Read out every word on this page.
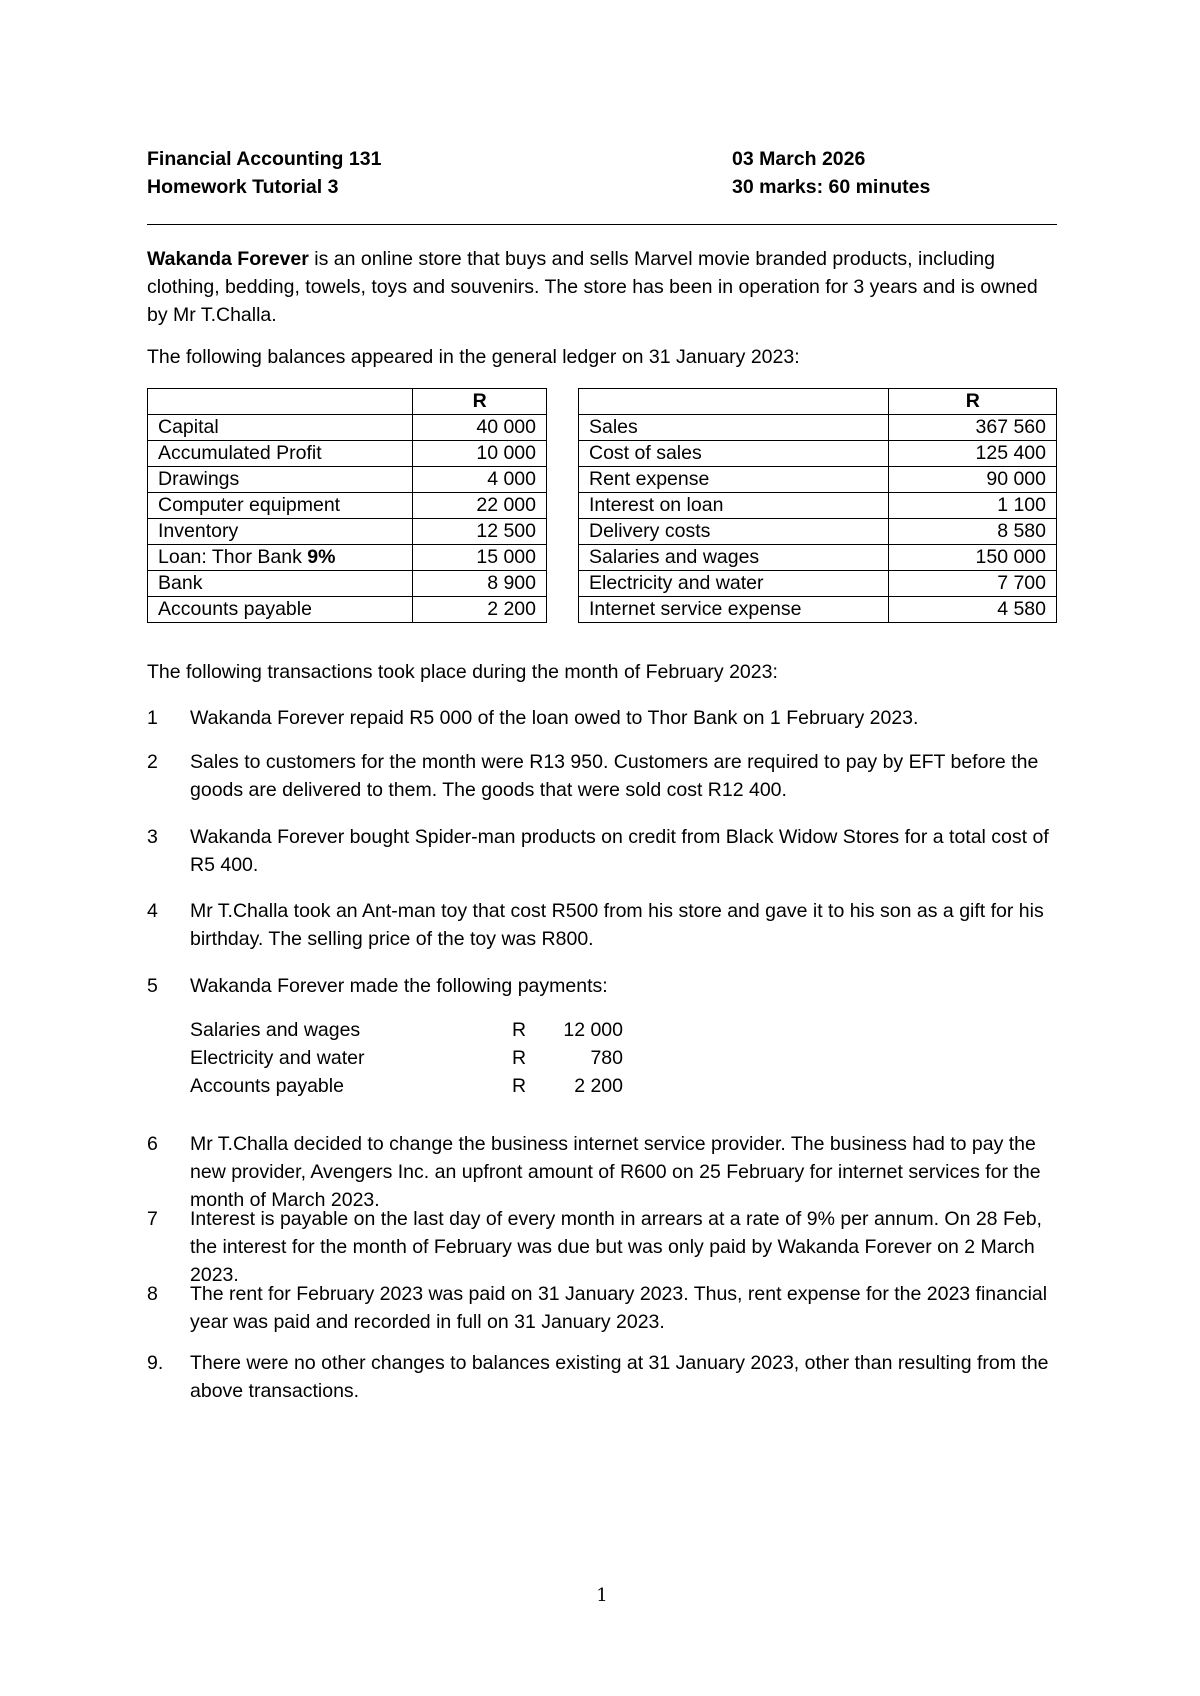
Financial Accounting 131
Homework Tutorial 3
03 March 2026
30 marks: 60 minutes
Wakanda Forever is an online store that buys and sells Marvel movie branded products, including clothing, bedding, towels, toys and souvenirs. The store has been in operation for 3 years and is owned by Mr T.Challa.
The following balances appeared in the general ledger on 31 January 2023:
	R
Capital	40 000
Accumulated Profit	10 000
Drawings	4 000
Computer equipment	22 000
Inventory	12 500
Loan: Thor Bank 9%	15 000
Bank	8 900
Accounts payable	2 200
	R
Sales	367 560
Cost of sales	125 400
Rent expense	90 000
Interest on loan	1 100
Delivery costs	8 580
Salaries and wages	150 000
Electricity and water	7 700
Internet service expense	4 580
The following transactions took place during the month of February 2023:
1	Wakanda Forever repaid R5 000 of the loan owed to Thor Bank on 1 February 2023.
2	Sales to customers for the month were R13 950. Customers are required to pay by EFT before the goods are delivered to them. The goods that were sold cost R12 400.
3	Wakanda Forever bought Spider-man products on credit from Black Widow Stores for a total cost of R5 400.
4	Mr T.Challa took an Ant-man toy that cost R500 from his store and gave it to his son as a gift for his birthday. The selling price of the toy was R800.
5	Wakanda Forever made the following payments:
6	Mr T.Challa decided to change the business internet service provider. The business had to pay the new provider, Avengers Inc. an upfront amount of R600 on 25 February for internet services for the month of March 2023.
7	Interest is payable on the last day of every month in arrears at a rate of 9% per annum. On 28 Feb, the interest for the month of February was due but was only paid by Wakanda Forever on 2 March 2023.
8	The rent for February 2023 was paid on 31 January 2023. Thus, rent expense for the 2023 financial year was paid and recorded in full on 31 January 2023.
9.	There were no other changes to balances existing at 31 January 2023, other than resulting from the above transactions.
Salaries and wages	R	12 000
Electricity and water	R	780
Accounts payable	R	2 200
1
